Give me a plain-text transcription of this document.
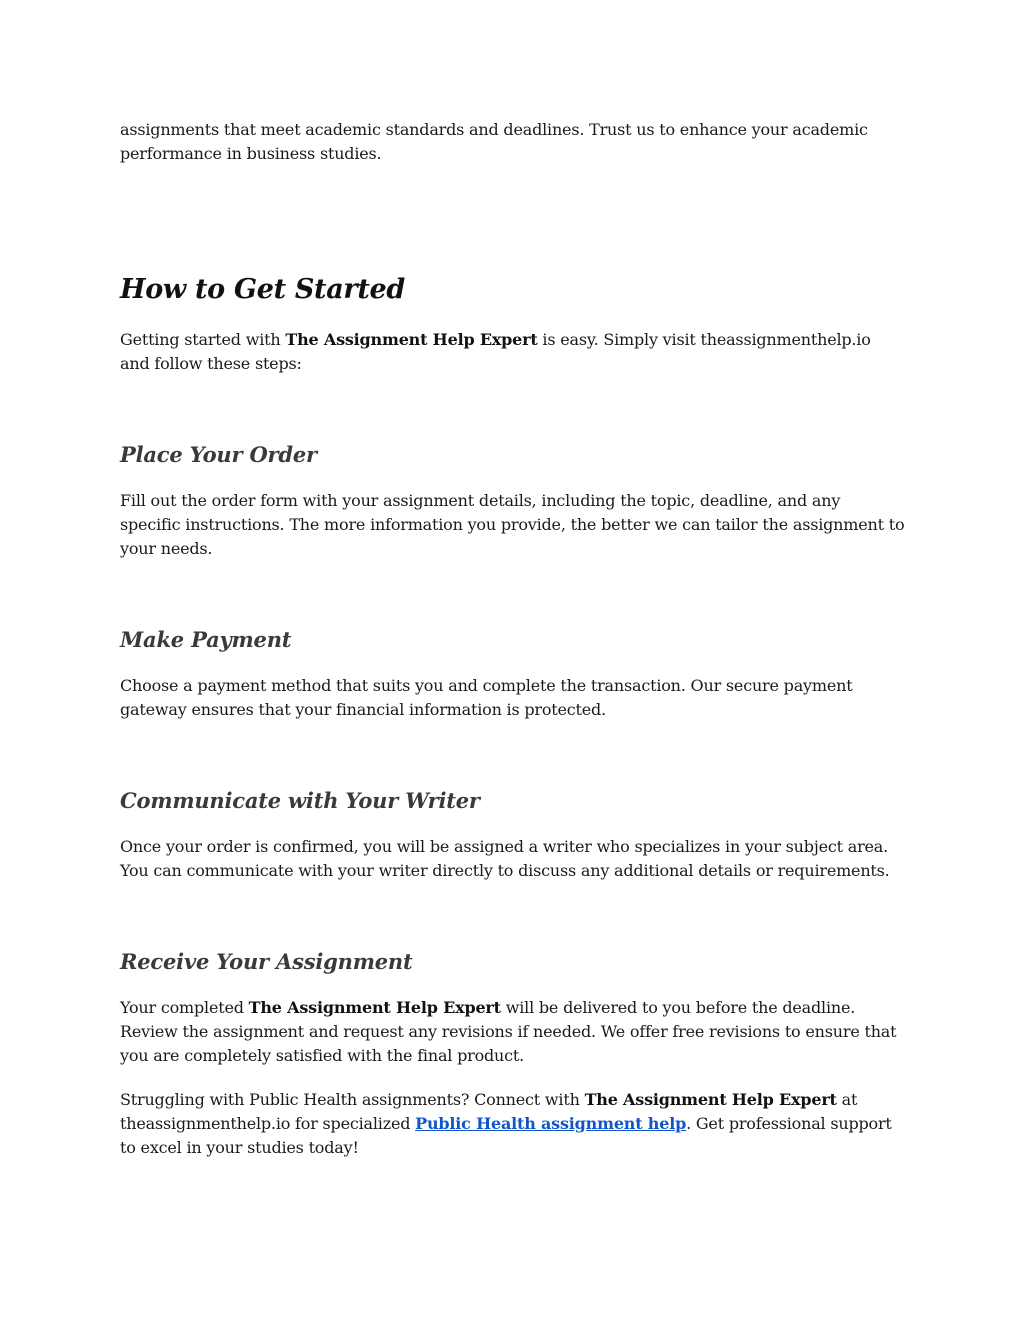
assignments that meet academic standards and deadlines. Trust us to enhance your academic performance in business studies.

How to Get Started

Getting started with The Assignment Help Expert is easy. Simply visit theassignmenthelp.io and follow these steps:

Place Your Order

Fill out the order form with your assignment details, including the topic, deadline, and any specific instructions. The more information you provide, the better we can tailor the assignment to your needs.

Make Payment

Choose a payment method that suits you and complete the transaction. Our secure payment gateway ensures that your financial information is protected.

Communicate with Your Writer

Once your order is confirmed, you will be assigned a writer who specializes in your subject area. You can communicate with your writer directly to discuss any additional details or requirements.

Receive Your Assignment

Your completed The Assignment Help Expert will be delivered to you before the deadline. Review the assignment and request any revisions if needed. We offer free revisions to ensure that you are completely satisfied with the final product.

Struggling with Public Health assignments? Connect with The Assignment Help Expert at theassignmenthelp.io for specialized Public Health assignment help. Get professional support to excel in your studies today!
